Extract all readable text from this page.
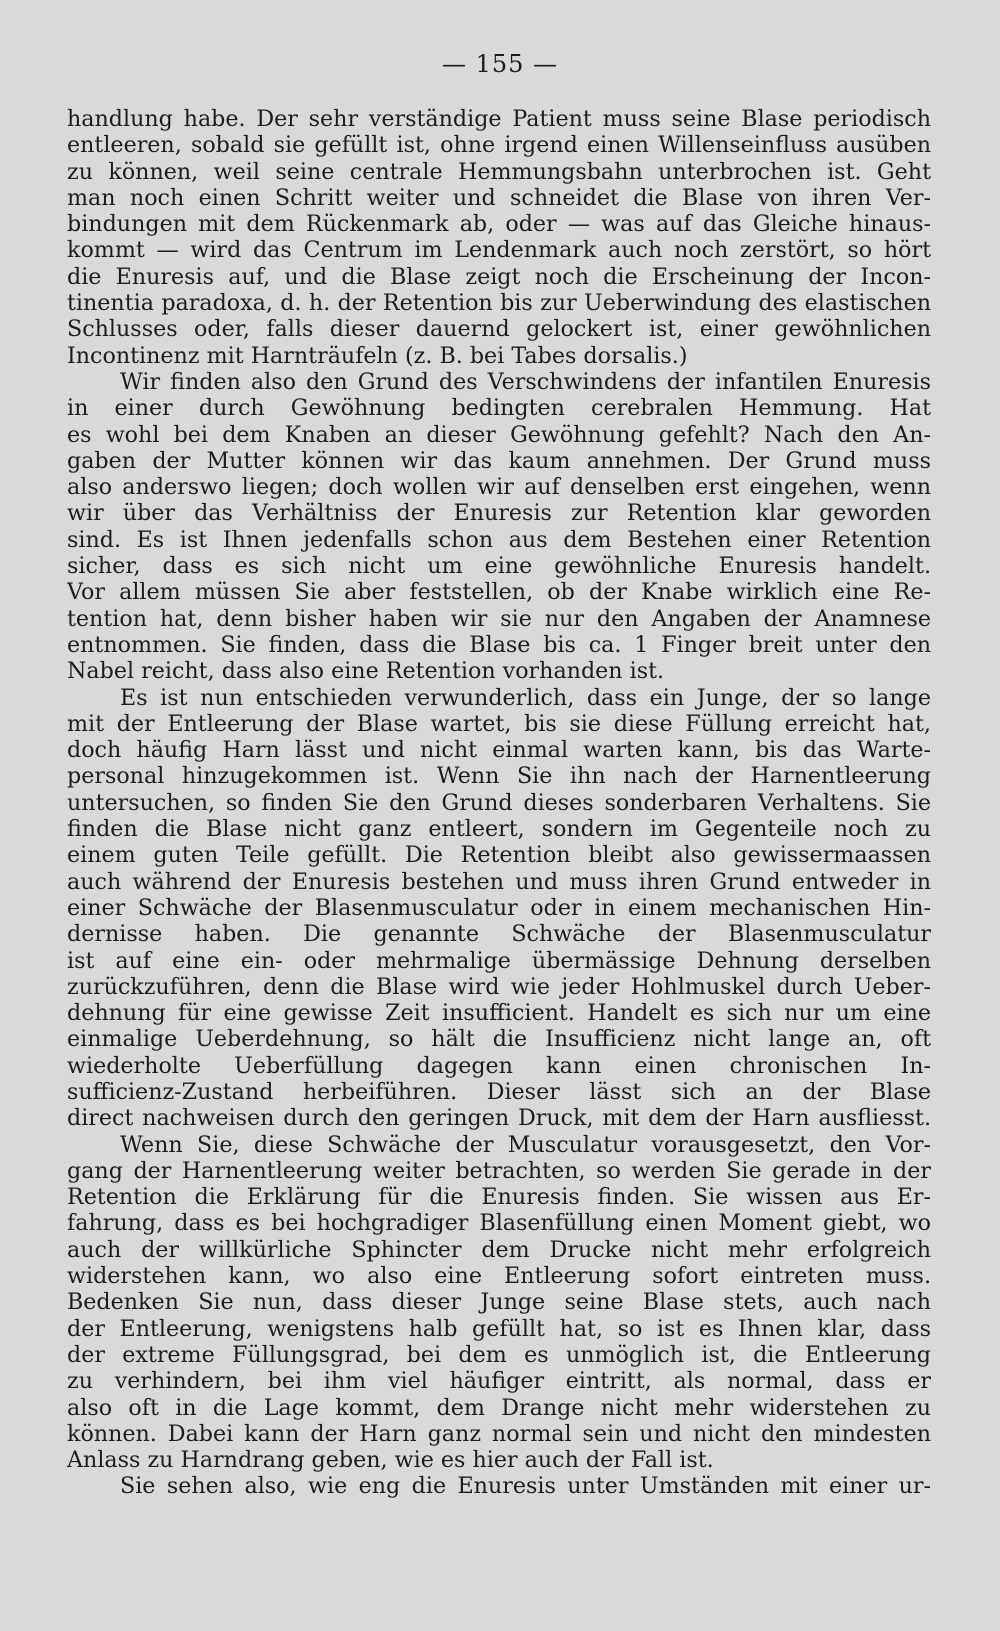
— 155 —
handlung habe. Der sehr verständige Patient muss seine Blase periodisch
entleeren, sobald sie gefüllt ist, ohne irgend einen Willenseinfluss ausüben
zu können, weil seine centrale Hemmungsbahn unterbrochen ist. Geht
man noch einen Schritt weiter und schneidet die Blase von ihren Ver-
bindungen mit dem Rückenmark ab, oder — was auf das Gleiche hinaus-
kommt — wird das Centrum im Lendenmark auch noch zerstört, so hört
die Enuresis auf, und die Blase zeigt noch die Erscheinung der Incon-
tinentia paradoxa, d. h. der Retention bis zur Ueberwindung des elastischen
Schlusses oder, falls dieser dauernd gelockert ist, einer gewöhnlichen
Incontinenz mit Harnträufeln (z. B. bei Tabes dorsalis.)
Wir finden also den Grund des Verschwindens der infantilen Enuresis
in einer durch Gewöhnung bedingten cerebralen Hemmung. Hat
es wohl bei dem Knaben an dieser Gewöhnung gefehlt? Nach den An-
gaben der Mutter können wir das kaum annehmen. Der Grund muss
also anderswo liegen; doch wollen wir auf denselben erst eingehen, wenn
wir über das Verhältniss der Enuresis zur Retention klar geworden
sind. Es ist Ihnen jedenfalls schon aus dem Bestehen einer Retention
sicher, dass es sich nicht um eine gewöhnliche Enuresis handelt.
Vor allem müssen Sie aber feststellen, ob der Knabe wirklich eine Re-
tention hat, denn bisher haben wir sie nur den Angaben der Anamnese
entnommen. Sie finden, dass die Blase bis ca. 1 Finger breit unter den
Nabel reicht, dass also eine Retention vorhanden ist.
Es ist nun entschieden verwunderlich, dass ein Junge, der so lange
mit der Entleerung der Blase wartet, bis sie diese Füllung erreicht hat,
doch häufig Harn lässt und nicht einmal warten kann, bis das Warte-
personal hinzugekommen ist. Wenn Sie ihn nach der Harnentleerung
untersuchen, so finden Sie den Grund dieses sonderbaren Verhaltens. Sie
finden die Blase nicht ganz entleert, sondern im Gegenteile noch zu
einem guten Teile gefüllt. Die Retention bleibt also gewissermaassen
auch während der Enuresis bestehen und muss ihren Grund entweder in
einer Schwäche der Blasenmusculatur oder in einem mechanischen Hin-
dernisse haben. Die genannte Schwäche der Blasenmusculatur
ist auf eine ein- oder mehrmalige übermässige Dehnung derselben
zurückzuführen, denn die Blase wird wie jeder Hohlmuskel durch Ueber-
dehnung für eine gewisse Zeit insufficient. Handelt es sich nur um eine
einmalige Ueberdehnung, so hält die Insufficienz nicht lange an, oft
wiederholte Ueberfüllung dagegen kann einen chronischen In-
sufficienz-Zustand herbeiführen. Dieser lässt sich an der Blase
direct nachweisen durch den geringen Druck, mit dem der Harn ausfliesst.
Wenn Sie, diese Schwäche der Musculatur vorausgesetzt, den Vor-
gang der Harnentleerung weiter betrachten, so werden Sie gerade in der
Retention die Erklärung für die Enuresis finden. Sie wissen aus Er-
fahrung, dass es bei hochgradiger Blasenfüllung einen Moment giebt, wo
auch der willkürliche Sphincter dem Drucke nicht mehr erfolgreich
widerstehen kann, wo also eine Entleerung sofort eintreten muss.
Bedenken Sie nun, dass dieser Junge seine Blase stets, auch nach
der Entleerung, wenigstens halb gefüllt hat, so ist es Ihnen klar, dass
der extreme Füllungsgrad, bei dem es unmöglich ist, die Entleerung
zu verhindern, bei ihm viel häufiger eintritt, als normal, dass er
also oft in die Lage kommt, dem Drange nicht mehr widerstehen zu
können. Dabei kann der Harn ganz normal sein und nicht den mindesten
Anlass zu Harndrang geben, wie es hier auch der Fall ist.
Sie sehen also, wie eng die Enuresis unter Umständen mit einer ur-
